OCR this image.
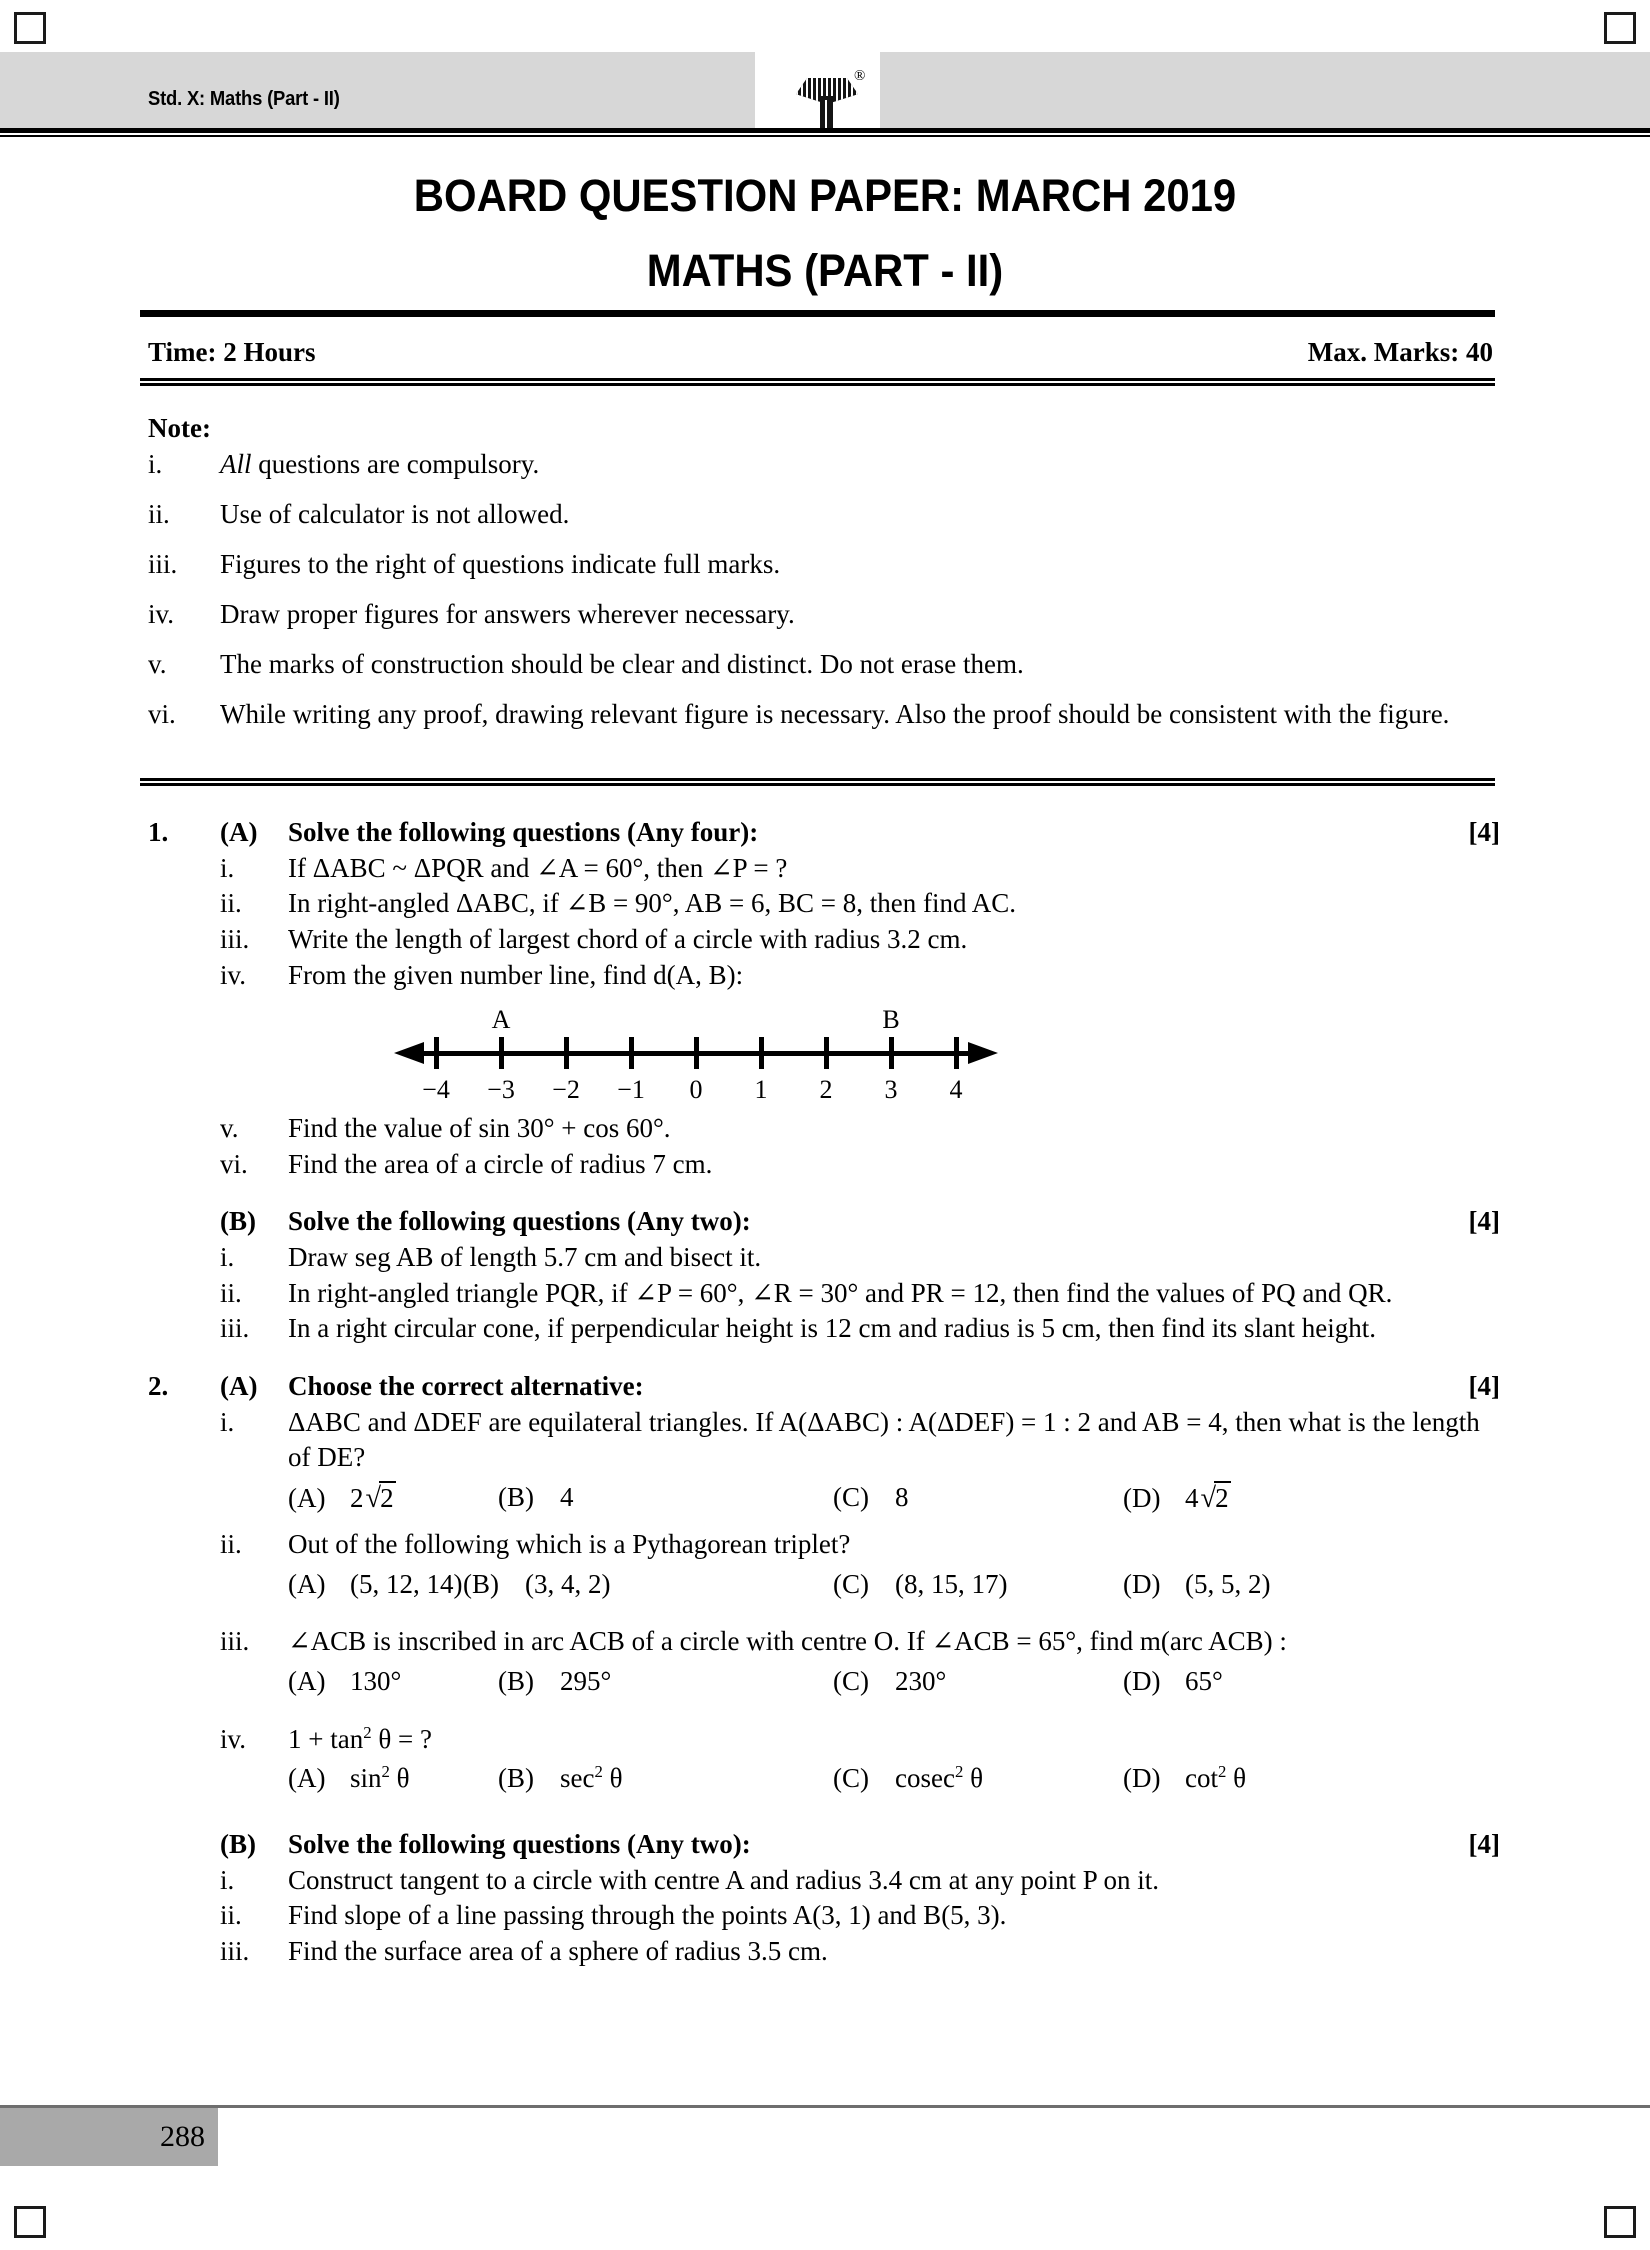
Std. X: Maths (Part - II)
®
BOARD QUESTION PAPER: MARCH 2019
MATHS (PART - II)
Time: 2 Hours	Max. Marks: 40
Note:
i.	All questions are compulsory.
ii.	Use of calculator is not allowed.
iii.	Figures to the right of questions indicate full marks.
iv.	Draw proper figures for answers wherever necessary.
v.	The marks of construction should be clear and distinct. Do not erase them.
vi.	While writing any proof, drawing relevant figure is necessary. Also the proof should be consistent with the figure.
1.	(A)	Solve the following questions (Any four):	[4]
i.	If ΔABC ~ ΔPQR and ∠A = 60°, then ∠P = ?
ii.	In right-angled ΔABC, if ∠B = 90°, AB = 6, BC = 8, then find AC.
iii.	Write the length of largest chord of a circle with radius 3.2 cm.
iv.	From the given number line, find d(A, B):
−4	−3	−2	−1	0	1	2	3	4
A	B
v.	Find the value of sin 30° + cos 60°.
vi.	Find the area of a circle of radius 7 cm.
(B)	Solve the following questions (Any two):	[4]
i.	Draw seg AB of length 5.7 cm and bisect it.
ii.	In right-angled triangle PQR, if ∠P = 60°, ∠R = 30° and PR = 12, then find the values of PQ and QR.
iii.	In a right circular cone, if perpendicular height is 12 cm and radius is 5 cm, then find its slant height.
2.	(A)	Choose the correct alternative:	[4]
i.	ΔABC and ΔDEF are equilateral triangles. If A(ΔABC) : A(ΔDEF) = 1 : 2 and AB = 4, then what is the length of DE?
(A) 2√2	(B) 4	(C) 8	(D) 4√2
ii.	Out of the following which is a Pythagorean triplet?
(A) (5, 12, 14) (B) (3, 4, 2)	(C) (8, 15, 17)	(D) (5, 5, 2)
iii.	∠ACB is inscribed in arc ACB of a circle with centre O. If ∠ACB = 65°, find m(arc ACB) :
(A) 130°	(B) 295°	(C) 230°	(D) 65°
iv.	$1 + \tan^2 \theta$ = ?
(A) $\sin^2 \theta$	(B) $\sec^2 \theta$	(C) cosec$^2$ θ	(D) $\cot^2 \theta$
(B)	Solve the following questions (Any two):	[4]
i.	Construct tangent to a circle with centre A and radius 3.4 cm at any point P on it.
ii.	Find slope of a line passing through the points A(3, 1) and B(5, 3).
iii.	Find the surface area of a sphere of radius 3.5 cm.
288
